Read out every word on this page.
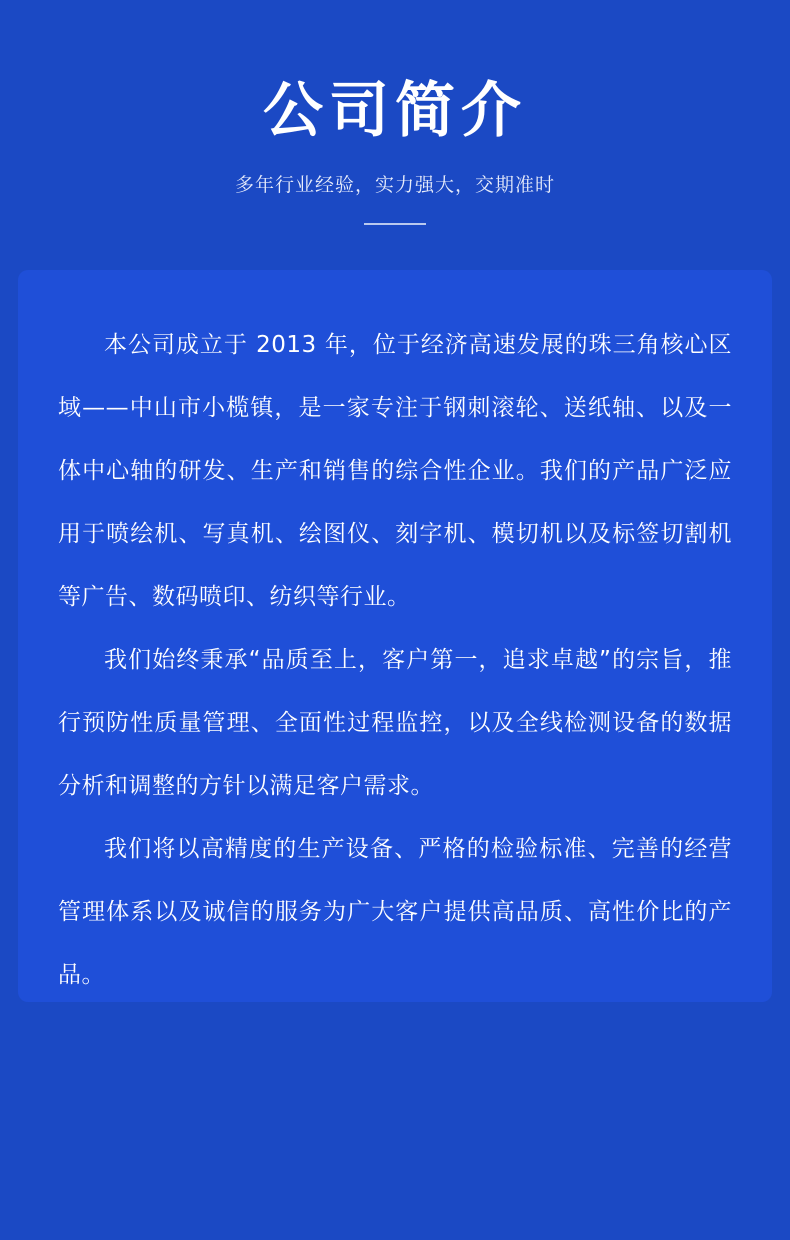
公司简介
多年行业经验，实力强大，交期准时

本公司成立于 2013 年，位于经济高速发展的珠三角核心区域——中山市小榄镇，是一家专注于钢刺滚轮、送纸轴、以及一体中心轴的研发、生产和销售的综合性企业。我们的产品广泛应用于喷绘机、写真机、绘图仪、刻字机、模切机以及标签切割机等广告、数码喷印、纺织等行业。

我们始终秉承“品质至上，客户第一，追求卓越”的宗旨，推行预防性质量管理、全面性过程监控，以及全线检测设备的数据分析和调整的方针以满足客户需求。

我们将以高精度的生产设备、严格的检验标准、完善的经营管理体系以及诚信的服务为广大客户提供高品质、高性价比的产品。
